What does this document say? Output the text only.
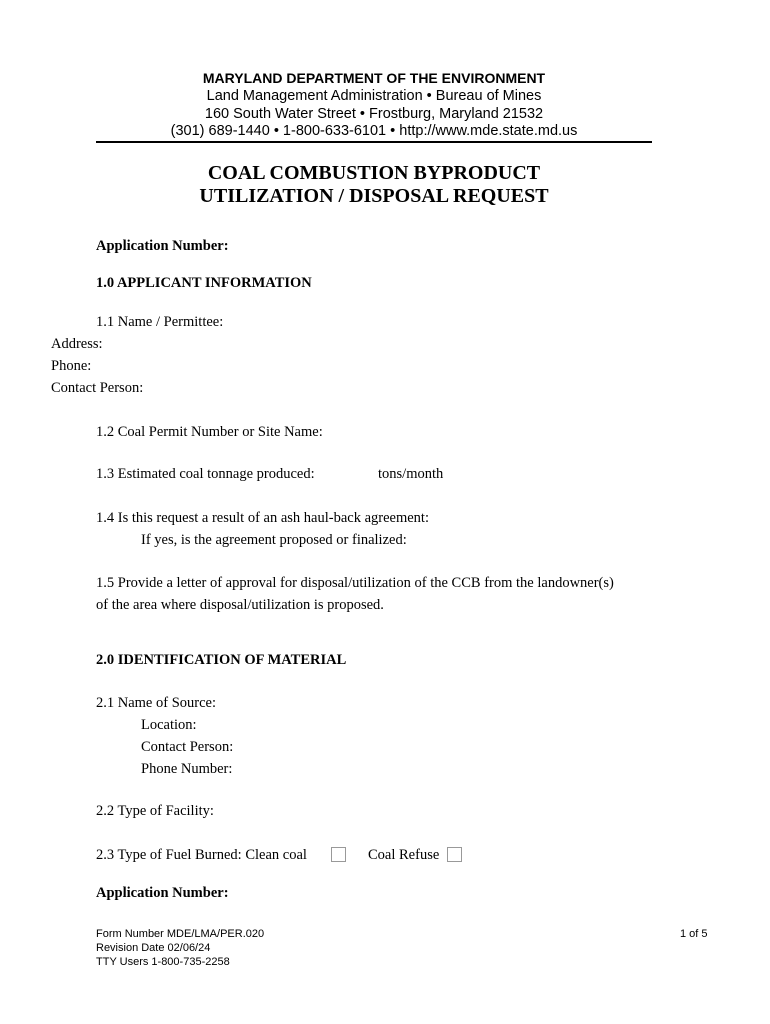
MARYLAND DEPARTMENT OF THE ENVIRONMENT
Land Management Administration • Bureau of Mines
160 South Water Street • Frostburg, Maryland 21532
(301) 689-1440 • 1-800-633-6101 • http://www.mde.state.md.us
COAL COMBUSTION BYPRODUCT
UTILIZATION / DISPOSAL REQUEST
Application Number:
1.0 APPLICANT INFORMATION
1.1 Name / Permittee:
Address:
Phone:
Contact Person:
1.2 Coal Permit Number or Site Name:
1.3 Estimated coal tonnage produced:	tons/month
1.4 Is this request a result of an ash haul-back agreement:
If yes, is the agreement proposed or finalized:
1.5 Provide a letter of approval for disposal/utilization of the CCB from the landowner(s)
of the area where disposal/utilization is proposed.
2.0 IDENTIFICATION OF MATERIAL
2.1 Name of Source:
Location:
Contact Person:
Phone Number:
2.2 Type of Facility:
2.3 Type of Fuel Burned: Clean coal	Coal Refuse
Application Number:
Form Number MDE/LMA/PER.020
Revision Date 02/06/24
TTY Users 1-800-735-2258
1 of 5
